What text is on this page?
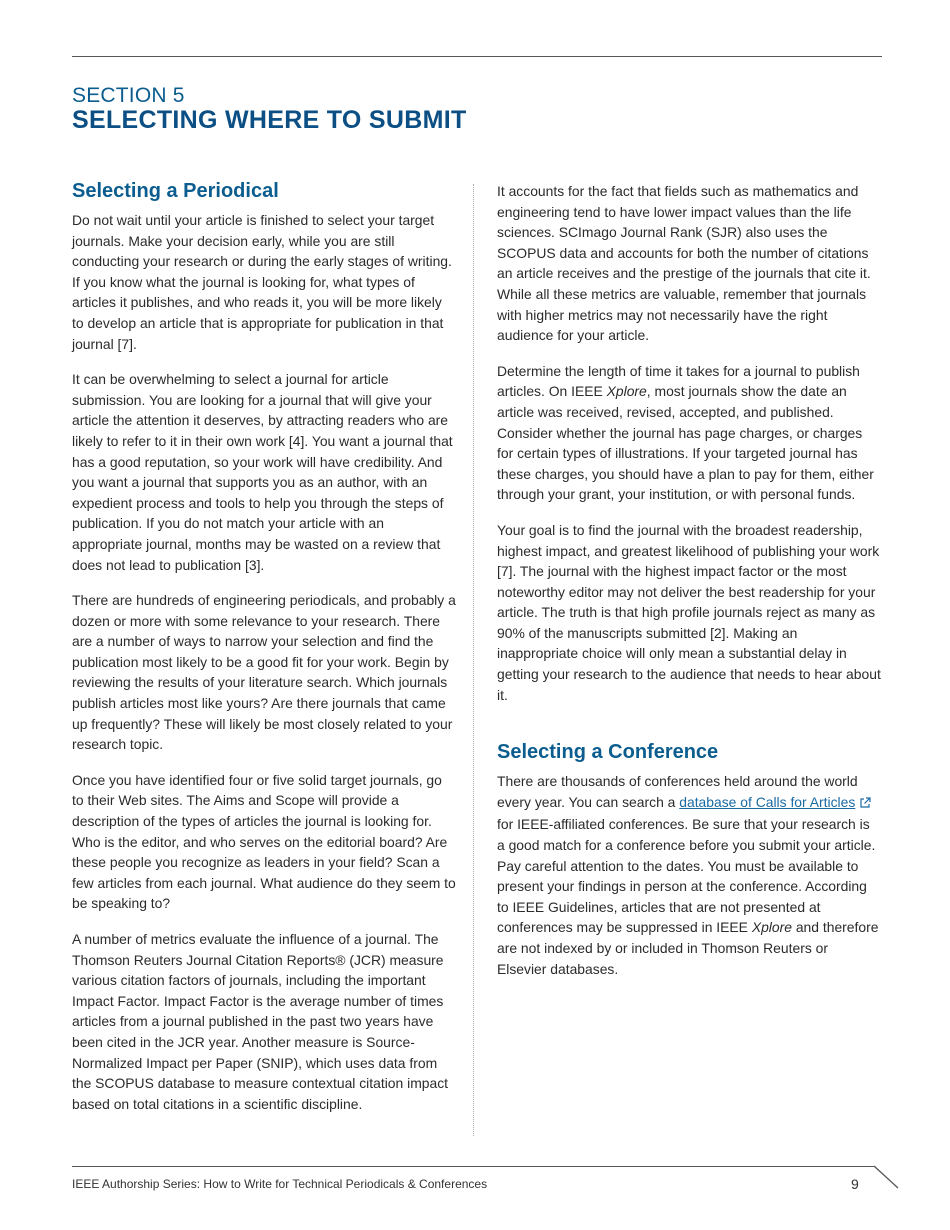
SECTION 5
SELECTING WHERE TO SUBMIT
Selecting a Periodical

Do not wait until your article is finished to select your target journals. Make your decision early, while you are still conducting your research or during the early stages of writing. If you know what the journal is looking for, what types of articles it publishes, and who reads it, you will be more likely to develop an article that is appropriate for publication in that journal [7].

It can be overwhelming to select a journal for article submission. You are looking for a journal that will give your article the attention it deserves, by attracting readers who are likely to refer to it in their own work [4]. You want a journal that has a good reputation, so your work will have credibility. And you want a journal that supports you as an author, with an expedient process and tools to help you through the steps of publication. If you do not match your article with an appropriate journal, months may be wasted on a review that does not lead to publication [3].

There are hundreds of engineering periodicals, and probably a dozen or more with some relevance to your research. There are a number of ways to narrow your selection and find the publication most likely to be a good fit for your work. Begin by reviewing the results of your literature search. Which journals publish articles most like yours? Are there journals that came up frequently? These will likely be most closely related to your research topic.

Once you have identified four or five solid target journals, go to their Web sites. The Aims and Scope will provide a description of the types of articles the journal is looking for. Who is the editor, and who serves on the editorial board? Are these people you recognize as leaders in your field? Scan a few articles from each journal. What audience do they seem to be speaking to?

A number of metrics evaluate the influence of a journal. The Thomson Reuters Journal Citation Reports® (JCR) measure various citation factors of journals, including the important Impact Factor. Impact Factor is the average number of times articles from a journal published in the past two years have been cited in the JCR year. Another measure is Source-Normalized Impact per Paper (SNIP), which uses data from the SCOPUS database to measure contextual citation impact based on total citations in a scientific discipline.

It accounts for the fact that fields such as mathematics and engineering tend to have lower impact values than the life sciences. SCImago Journal Rank (SJR) also uses the SCOPUS data and accounts for both the number of citations an article receives and the prestige of the journals that cite it. While all these metrics are valuable, remember that journals with higher metrics may not necessarily have the right audience for your article.

Determine the length of time it takes for a journal to publish articles. On IEEE Xplore, most journals show the date an article was received, revised, accepted, and published. Consider whether the journal has page charges, or charges for certain types of illustrations. If your targeted journal has these charges, you should have a plan to pay for them, either through your grant, your institution, or with personal funds.

Your goal is to find the journal with the broadest readership, highest impact, and greatest likelihood of publishing your work [7]. The journal with the highest impact factor or the most noteworthy editor may not deliver the best readership for your article. The truth is that high profile journals reject as many as 90% of the manuscripts submitted [2]. Making an inappropriate choice will only mean a substantial delay in getting your research to the audience that needs to hear about it.

Selecting a Conference

There are thousands of conferences held around the world every year. You can search a database of Calls for Articles for IEEE-affiliated conferences. Be sure that your research is a good match for a conference before you submit your article. Pay careful attention to the dates. You must be available to present your findings in person at the conference. According to IEEE Guidelines, articles that are not presented at conferences may be suppressed in IEEE Xplore and therefore are not indexed by or included in Thomson Reuters or Elsevier databases.

IEEE Authorship Series: How to Write for Technical Periodicals & Conferences	9
